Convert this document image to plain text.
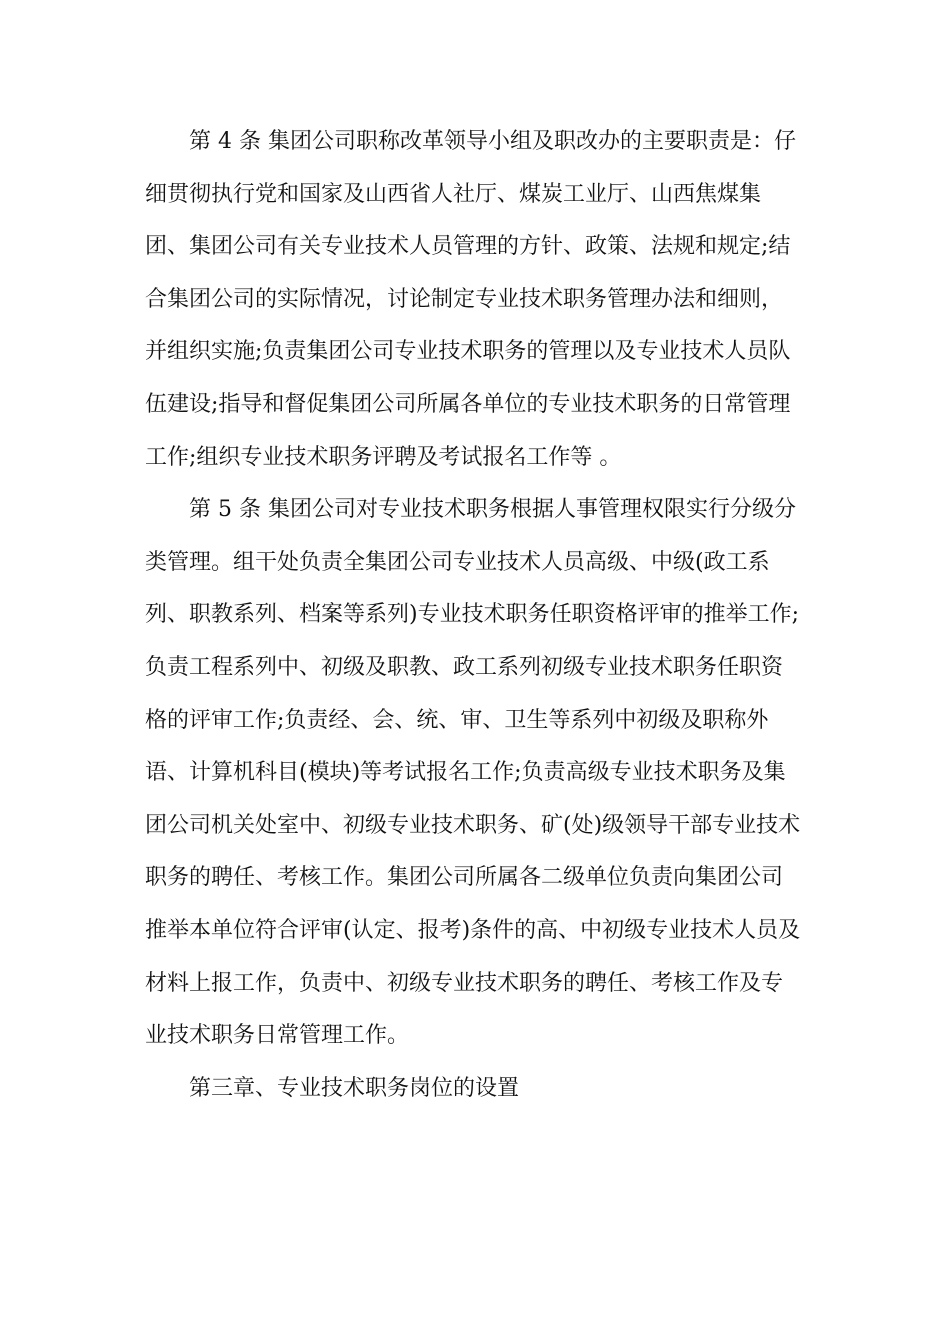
第 4 条 集团公司职称改革领导小组及职改办的主要职责是：仔
细贯彻执行党和国家及山西省人社厅、煤炭工业厅、山西焦煤集
团、集团公司有关专业技术人员管理的方针、政策、法规和规定;结
合集团公司的实际情况，讨论制定专业技术职务管理办法和细则，
并组织实施;负责集团公司专业技术职务的管理以及专业技术人员队
伍建设;指导和督促集团公司所属各单位的专业技术职务的日常管理
工作;组织专业技术职务评聘及考试报名工作等 。
第 5 条 集团公司对专业技术职务根据人事管理权限实行分级分
类管理。组干处负责全集团公司专业技术人员高级、中级(政工系
列、职教系列、档案等系列)专业技术职务任职资格评审的推举工作;
负责工程系列中、初级及职教、政工系列初级专业技术职务任职资
格的评审工作;负责经、会、统、审、卫生等系列中初级及职称外
语、计算机科目(模块)等考试报名工作;负责高级专业技术职务及集
团公司机关处室中、初级专业技术职务、矿(处)级领导干部专业技术
职务的聘任、考核工作。集团公司所属各二级单位负责向集团公司
推举本单位符合评审(认定、报考)条件的高、中初级专业技术人员及
材料上报工作，负责中、初级专业技术职务的聘任、考核工作及专
业技术职务日常管理工作。
第三章、专业技术职务岗位的设置
